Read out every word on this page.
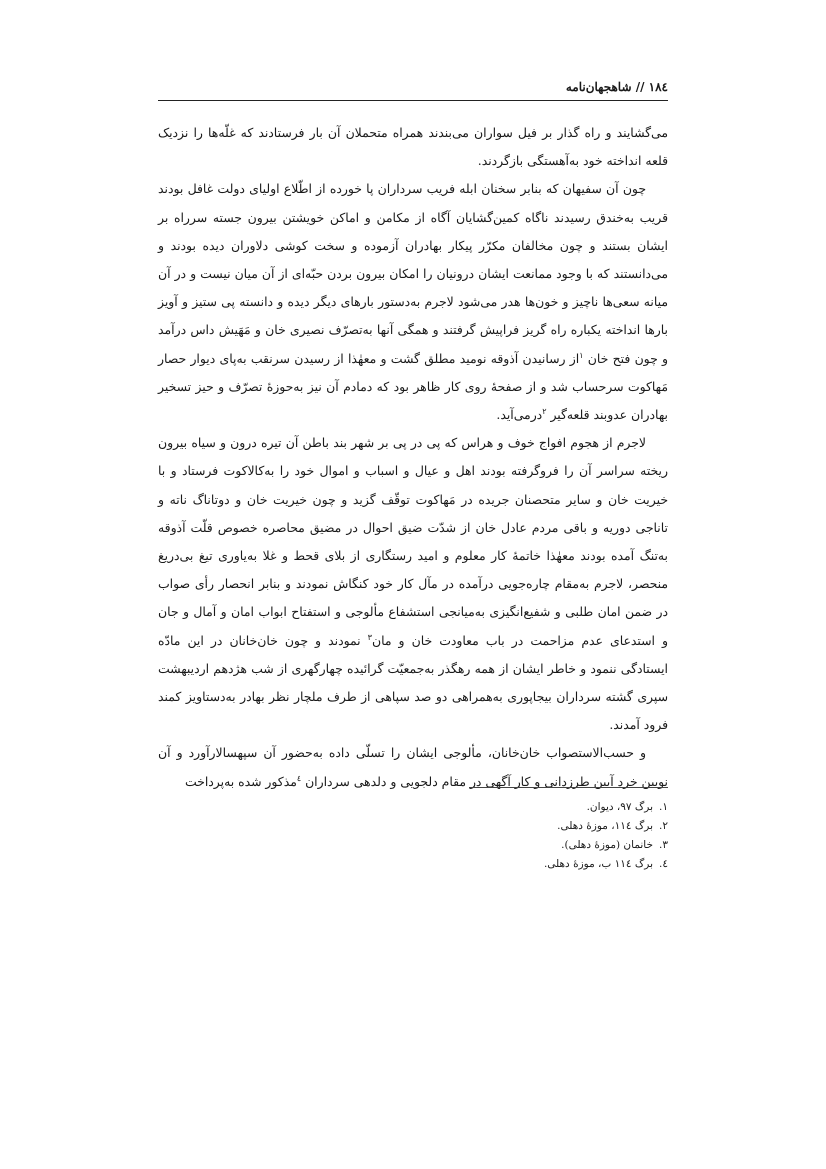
۱۸٤ // شاهجهان‌نامه

می‌گشایند و راه گذار بر فیل سواران می‌بندند همراه متحملان آن بار فرستادند که غلّه‌ها را نزدیک قلعه انداخته خود به‌آهستگی بازگردند.

چون آن سفیهان که بنابر سخنان ابله فریب سرداران پا خورده از اطّلاع اولیای دولت غافل بودند قریب به‌خندق رسیدند ناگاه کمین‌گشایان آگاه از مکامن و اماکن خویشتن بیرون جسته سرراه بر ایشان بستند و چون مخالفان مکرّر پیکار بهادران آزموده و سخت کوشی دلاوران دیده بودند و می‌دانستند که با وجود ممانعت ایشان درونیان را امکان بیرون بردن حبّه‌ای از آن میان نیست و در آن میانه سعی‌ها ناچیز و خون‌ها هدر می‌شود لاجرم به‌دستور بارهای دیگر دیده و دانسته پی ستیز و آویز بارها انداخته یکباره راه گریز فراپیش گرفتند و همگی آنها به‌تصرّف نصیری خان و مَهَیش داس درآمد و چون فتح خان $^۱$از رسانیدن آذوقه نومید مطلق گشت و معهٰذا از رسیدن سرنقب به‌پای دیوار حصار مَهاکوت سرحساب شد و از صفحهٔ روی کار ظاهر بود که دمادم آن نیز به‌حوزهٔ تصرّف و حیز تسخیر بهادران عدوبند قلعه‌گیر $^۲$درمی‌آید.

لاجرم از هجوم افواج خوف و هراس که پی در پی بر شهر بند باطن آن تیره درون و سیاه بیرون ریخته سراسر آن را فروگرفته بودند اهل و عیال و اسباب و اموال خود را به‌کالاکوت فرستاد و با خیریت خان و سایر متحصنان جریده در مَهاکوت توقّف گزید و چون خیریت خان و دوتاناگ ناته و تاناجی دوریه و باقی مردم عادل خان از شدّت ضیق احوال در مضیق محاصره خصوص قلّت آذوقه به‌تنگ آمده بودند معهٰذا خاتمهٔ کار معلوم و امید رستگاری از بلای قحط و غلا به‌یاوری تیغ بی‌دریغ منحصر، لاجرم به‌مقام چاره‌جویی درآمده در مآل کار خود کنگاش نمودند و بنابر انحصار رأی صواب در ضمن امان طلبی و شفیع‌انگیزی به‌میانجی استشفاع مألوجی و استفتاح ابواب امان و آمال و جان و استدعای عدم مزاحمت در باب معاودت خان و مان$^۳$ نمودند و چون خان‌خانان در این مادّه ایستادگی ننمود و خاطر ایشان از همه رهگذر به‌جمعیّت گرائیده چهارگهری از شب هژدهم اردیبهشت سپری گشته سرداران بیجاپوری به‌همراهی دو صد سپاهی از طرف ملچار نظر بهادر به‌دستاویز کمند فرود آمدند.

و حسب‌الاستصواب خان‌خانان، مألوجی ایشان را تسلّی داده به‌حضور آن سپهسالارآورد و آن نوبین خرد آیین طرزدانی و کار آگهی در مقام دلجویی و دلدهی سرداران $^٤$مذکور شده به‌پرداخت

۱.برگ ۹۷، دیوان.
۲.برگ ۱۱٤، موزهٔ دهلی.
۳.خانمان (موزهٔ دهلی).
٤.برگ ۱۱٤ ب، موزهٔ دهلی.
